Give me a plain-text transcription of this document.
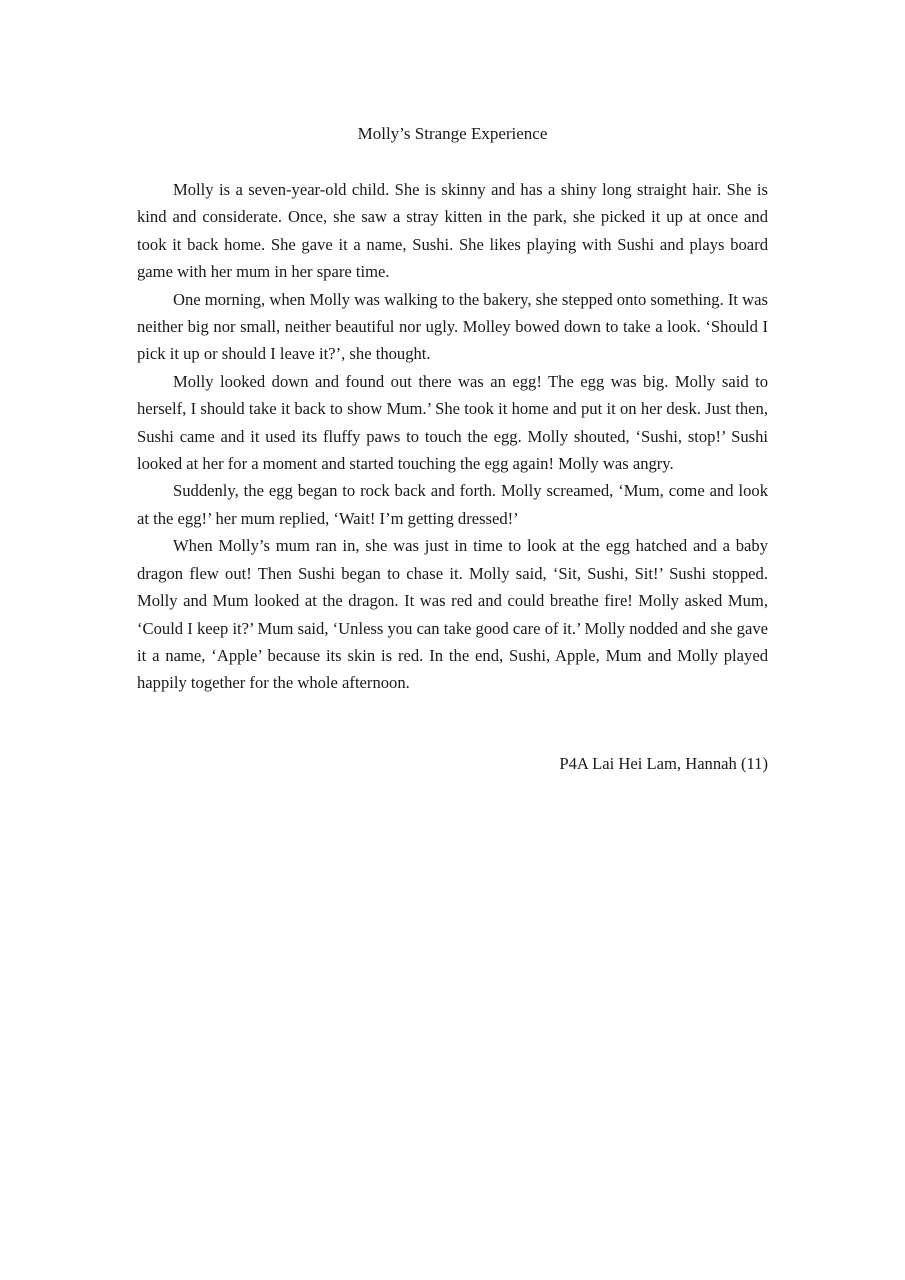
Molly’s Strange Experience

Molly is a seven-year-old child. She is skinny and has a shiny long straight hair. She is kind and considerate. Once, she saw a stray kitten in the park, she picked it up at once and took it back home. She gave it a name, Sushi. She likes playing with Sushi and plays board game with her mum in her spare time.

One morning, when Molly was walking to the bakery, she stepped onto something. It was neither big nor small, neither beautiful nor ugly. Molley bowed down to take a look. ‘Should I pick it up or should I leave it?’, she thought.

Molly looked down and found out there was an egg! The egg was big. Molly said to herself, I should take it back to show Mum.’ She took it home and put it on her desk. Just then, Sushi came and it used its fluffy paws to touch the egg. Molly shouted, ‘Sushi, stop!’ Sushi looked at her for a moment and started touching the egg again! Molly was angry.

Suddenly, the egg began to rock back and forth. Molly screamed, ‘Mum, come and look at the egg!’ her mum replied, ‘Wait! I’m getting dressed!’

When Molly’s mum ran in, she was just in time to look at the egg hatched and a baby dragon flew out! Then Sushi began to chase it. Molly said, ‘Sit, Sushi, Sit!’ Sushi stopped. Molly and Mum looked at the dragon. It was red and could breathe fire! Molly asked Mum, ‘Could I keep it?’ Mum said, ‘Unless you can take good care of it.’ Molly nodded and she gave it a name, ‘Apple’ because its skin is red. In the end, Sushi, Apple, Mum and Molly played happily together for the whole afternoon.

P4A Lai Hei Lam, Hannah (11)
